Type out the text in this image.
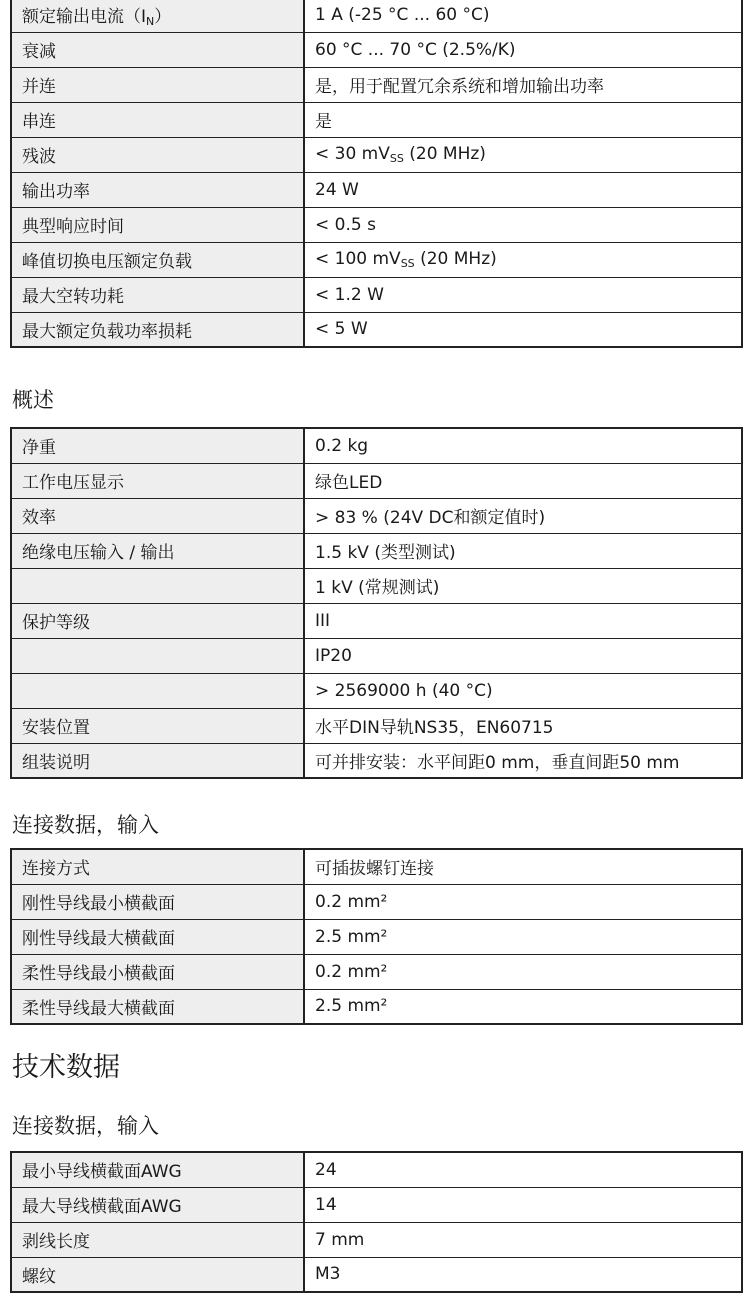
额定输出电流$(I_N)$	1 A (-25 °C ... 60 °C)
衰减	60 °C ... 70 °C (2.5%/K)
并连	是，用于配置冗余系统和增加输出功率
串连	是
残波	< 30 $mV_{SS}$ (20 MHz)
输出功率	24 W
典型响应时间	< 0.5 s
峰值切换电压额定负载	< 100 $mV_{SS}$ (20 MHz)
最大空转功耗	< 1.2 W
最大额定负载功率损耗	< 5 W
概述
净重	0.2 kg
工作电压显示	绿色LED
效率	> 83 % (24V DC和额定值时)
绝缘电压输入 / 输出	1.5 kV (类型测试)
	1 kV (常规测试)
保护等级	III
	IP20
	> 2569000 h (40 °C)
安装位置	水平DIN导轨NS35，EN60715
组装说明	可并排安装：水平间距0 mm，垂直间距50 mm
连接数据，输入
连接方式	可插拔螺钉连接
刚性导线最小横截面	0.2 mm²
刚性导线最大横截面	2.5 mm²
柔性导线最小横截面	0.2 mm²
柔性导线最大横截面	2.5 mm²
技术数据
连接数据，输入
最小导线横截面AWG	24
最大导线横截面AWG	14
剥线长度	7 mm
螺纹	M3
